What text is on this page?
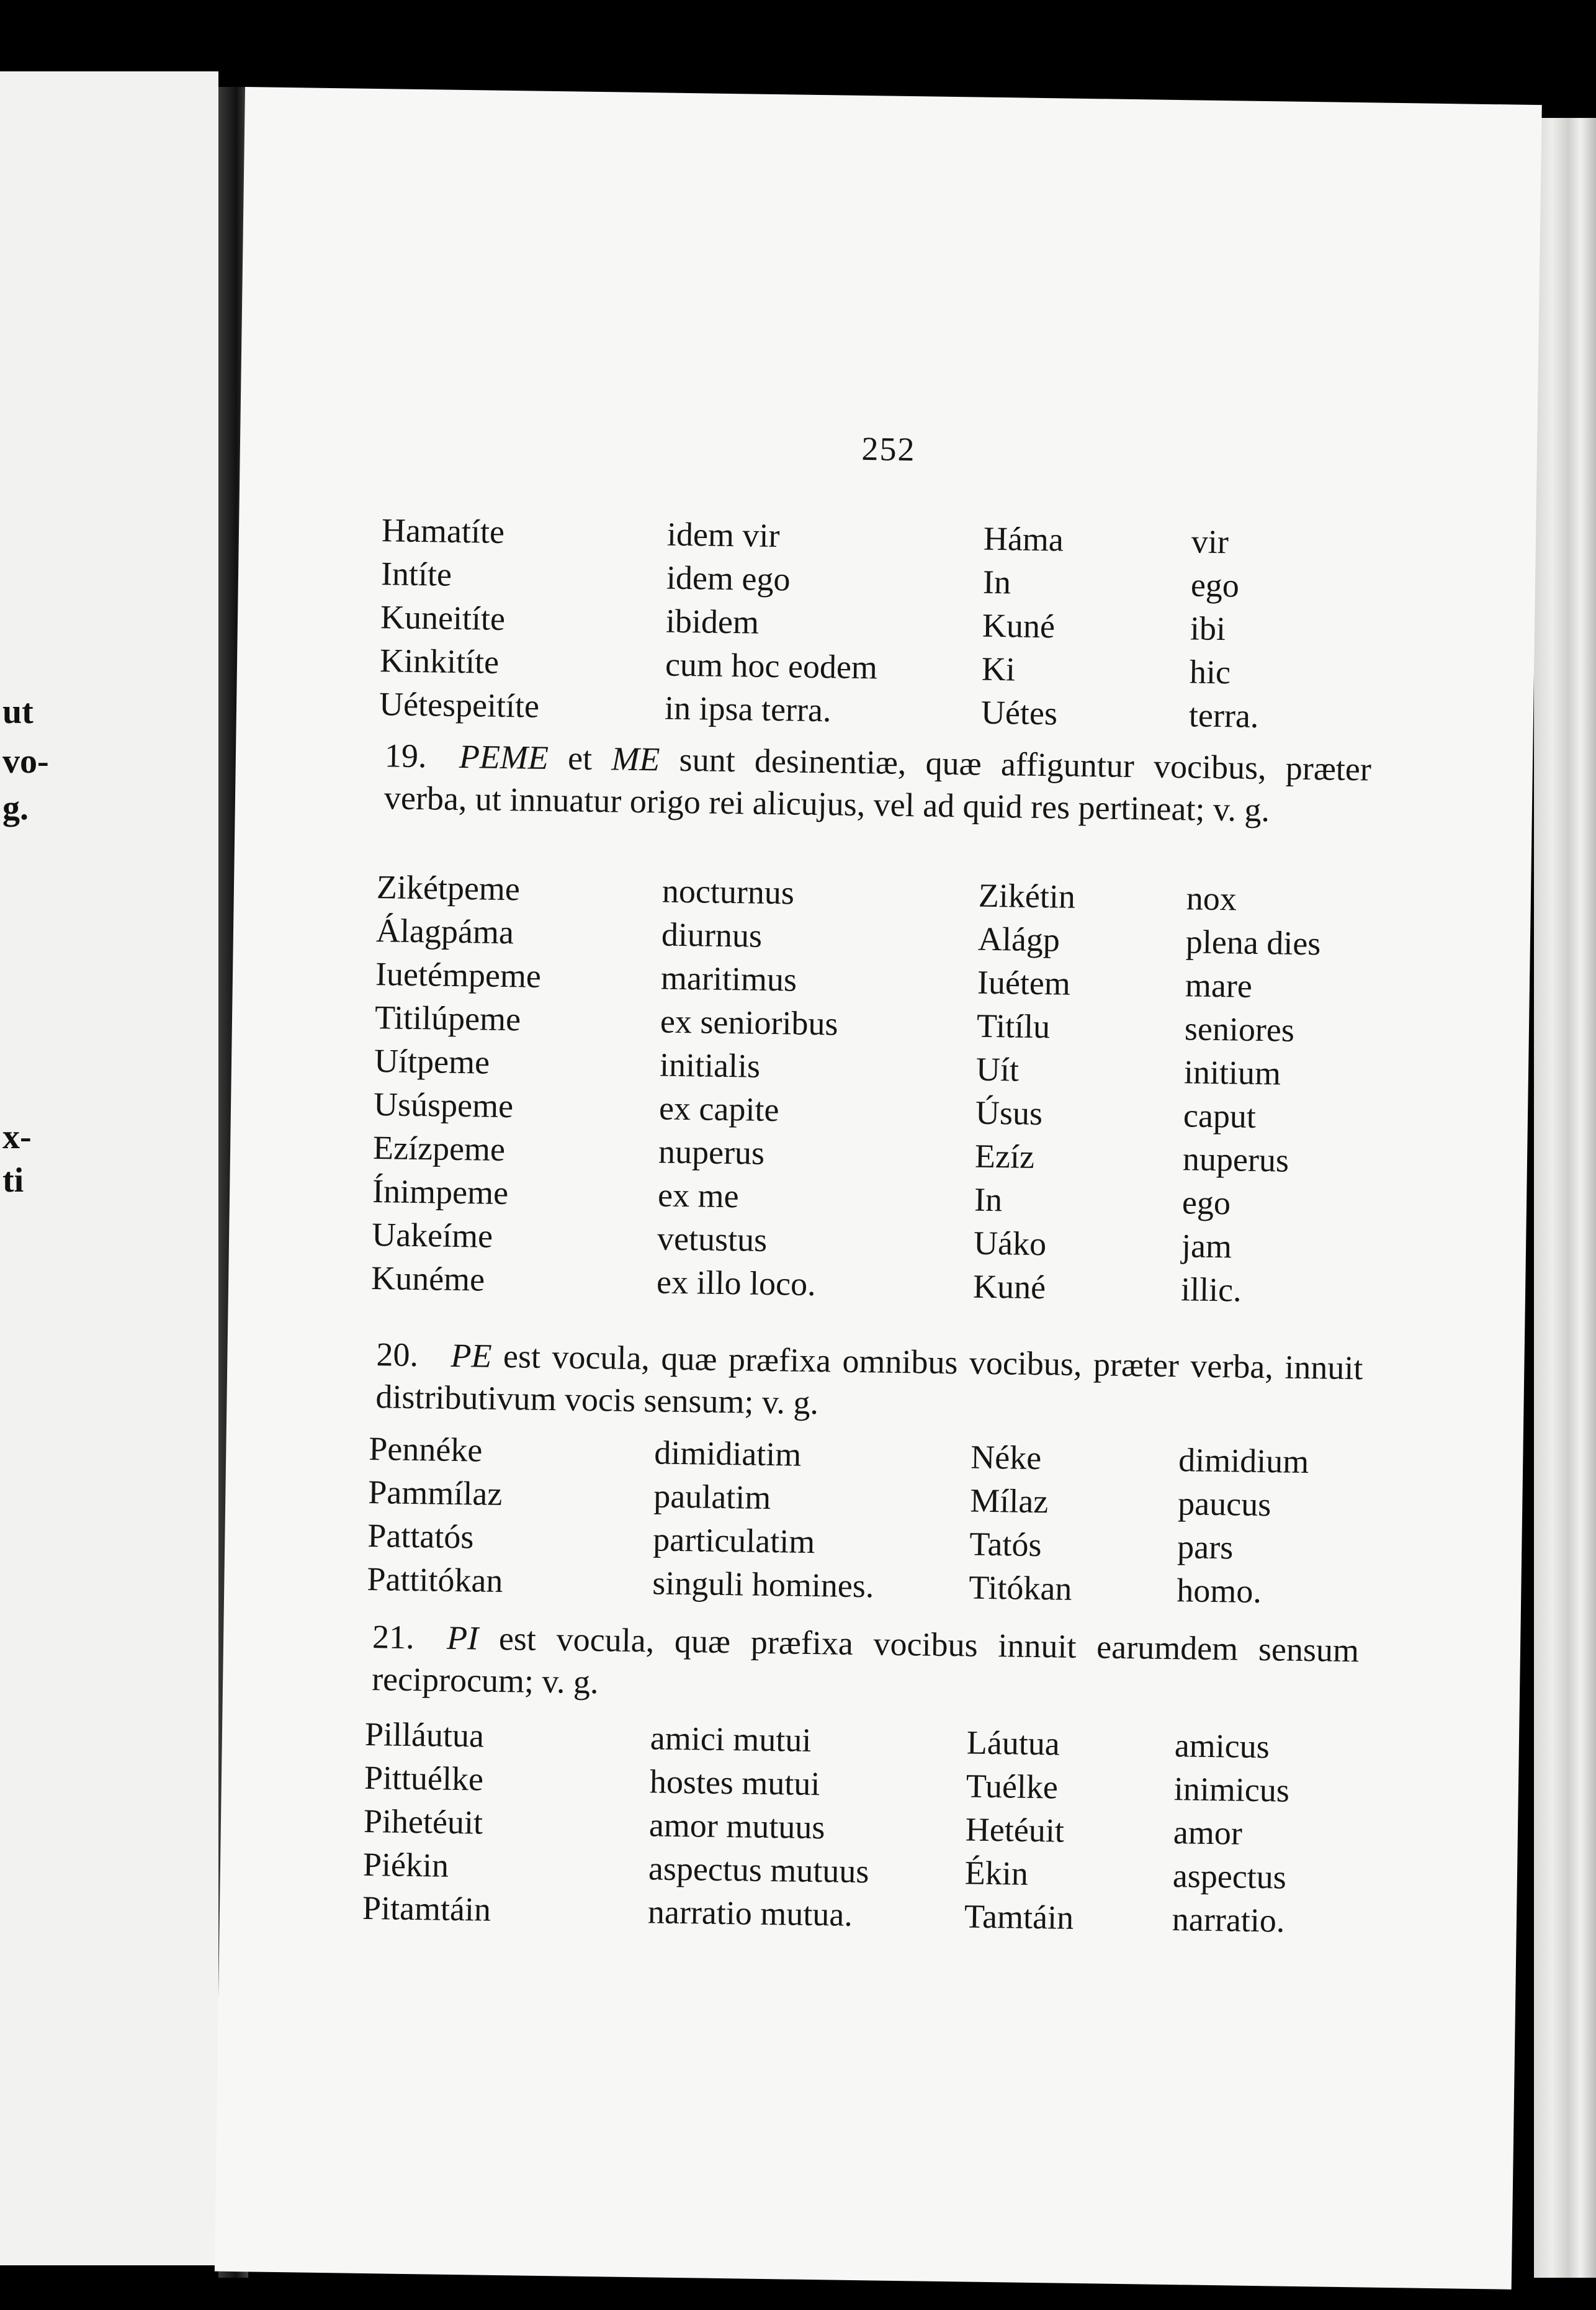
ut
vo-
g.
x-
ti
252
Hamatíte	idem vir	Háma	vir
Intíte	idem ego	In	ego
Kuneitíte	ibidem	Kuné	ibi
Kinkitíte	cum hoc eodem	Ki	hic
Uétespeitíte	in ipsa terra.	Uétes	terra.
19. PEME et ME sunt desinentiæ, quæ affiguntur vocibus, præter verba, ut innuatur origo rei alicujus, vel ad quid res pertineat; v. g.
Zikétpeme	nocturnus	Zikétin	nox
Álagpáma	diurnus	Alágp	plena dies
Iuetémpeme	maritimus	Iuétem	mare
Titilúpeme	ex senioribus	Titílu	seniores
Uítpeme	initialis	Uít	initium
Usúspeme	ex capite	Úsus	caput
Ezízpeme	nuperus	Ezíz	nuperus
Ínimpeme	ex me	In	ego
Uakeíme	vetustus	Uáko	jam
Kunéme	ex illo loco.	Kuné	illic.
20. PE est vocula, quæ præfixa omnibus vocibus, præter verba, innuit distributivum vocis sensum; v. g.
Pennéke	dimidiatim	Néke	dimidium
Pammílaz	paulatim	Mílaz	paucus
Pattatós	particulatim	Tatós	pars
Pattitókan	singuli homines.	Titókan	homo.
21. PI est vocula, quæ præfixa vocibus innuit earumdem sensum reciprocum; v. g.
Pilláutua	amici mutui	Láutua	amicus
Pittuélke	hostes mutui	Tuélke	inimicus
Pihetéuit	amor mutuus	Hetéuit	amor
Piékin	aspectus mutuus	Ékin	aspectus
Pitamtáin	narratio mutua.	Tamtáin	narratio.
